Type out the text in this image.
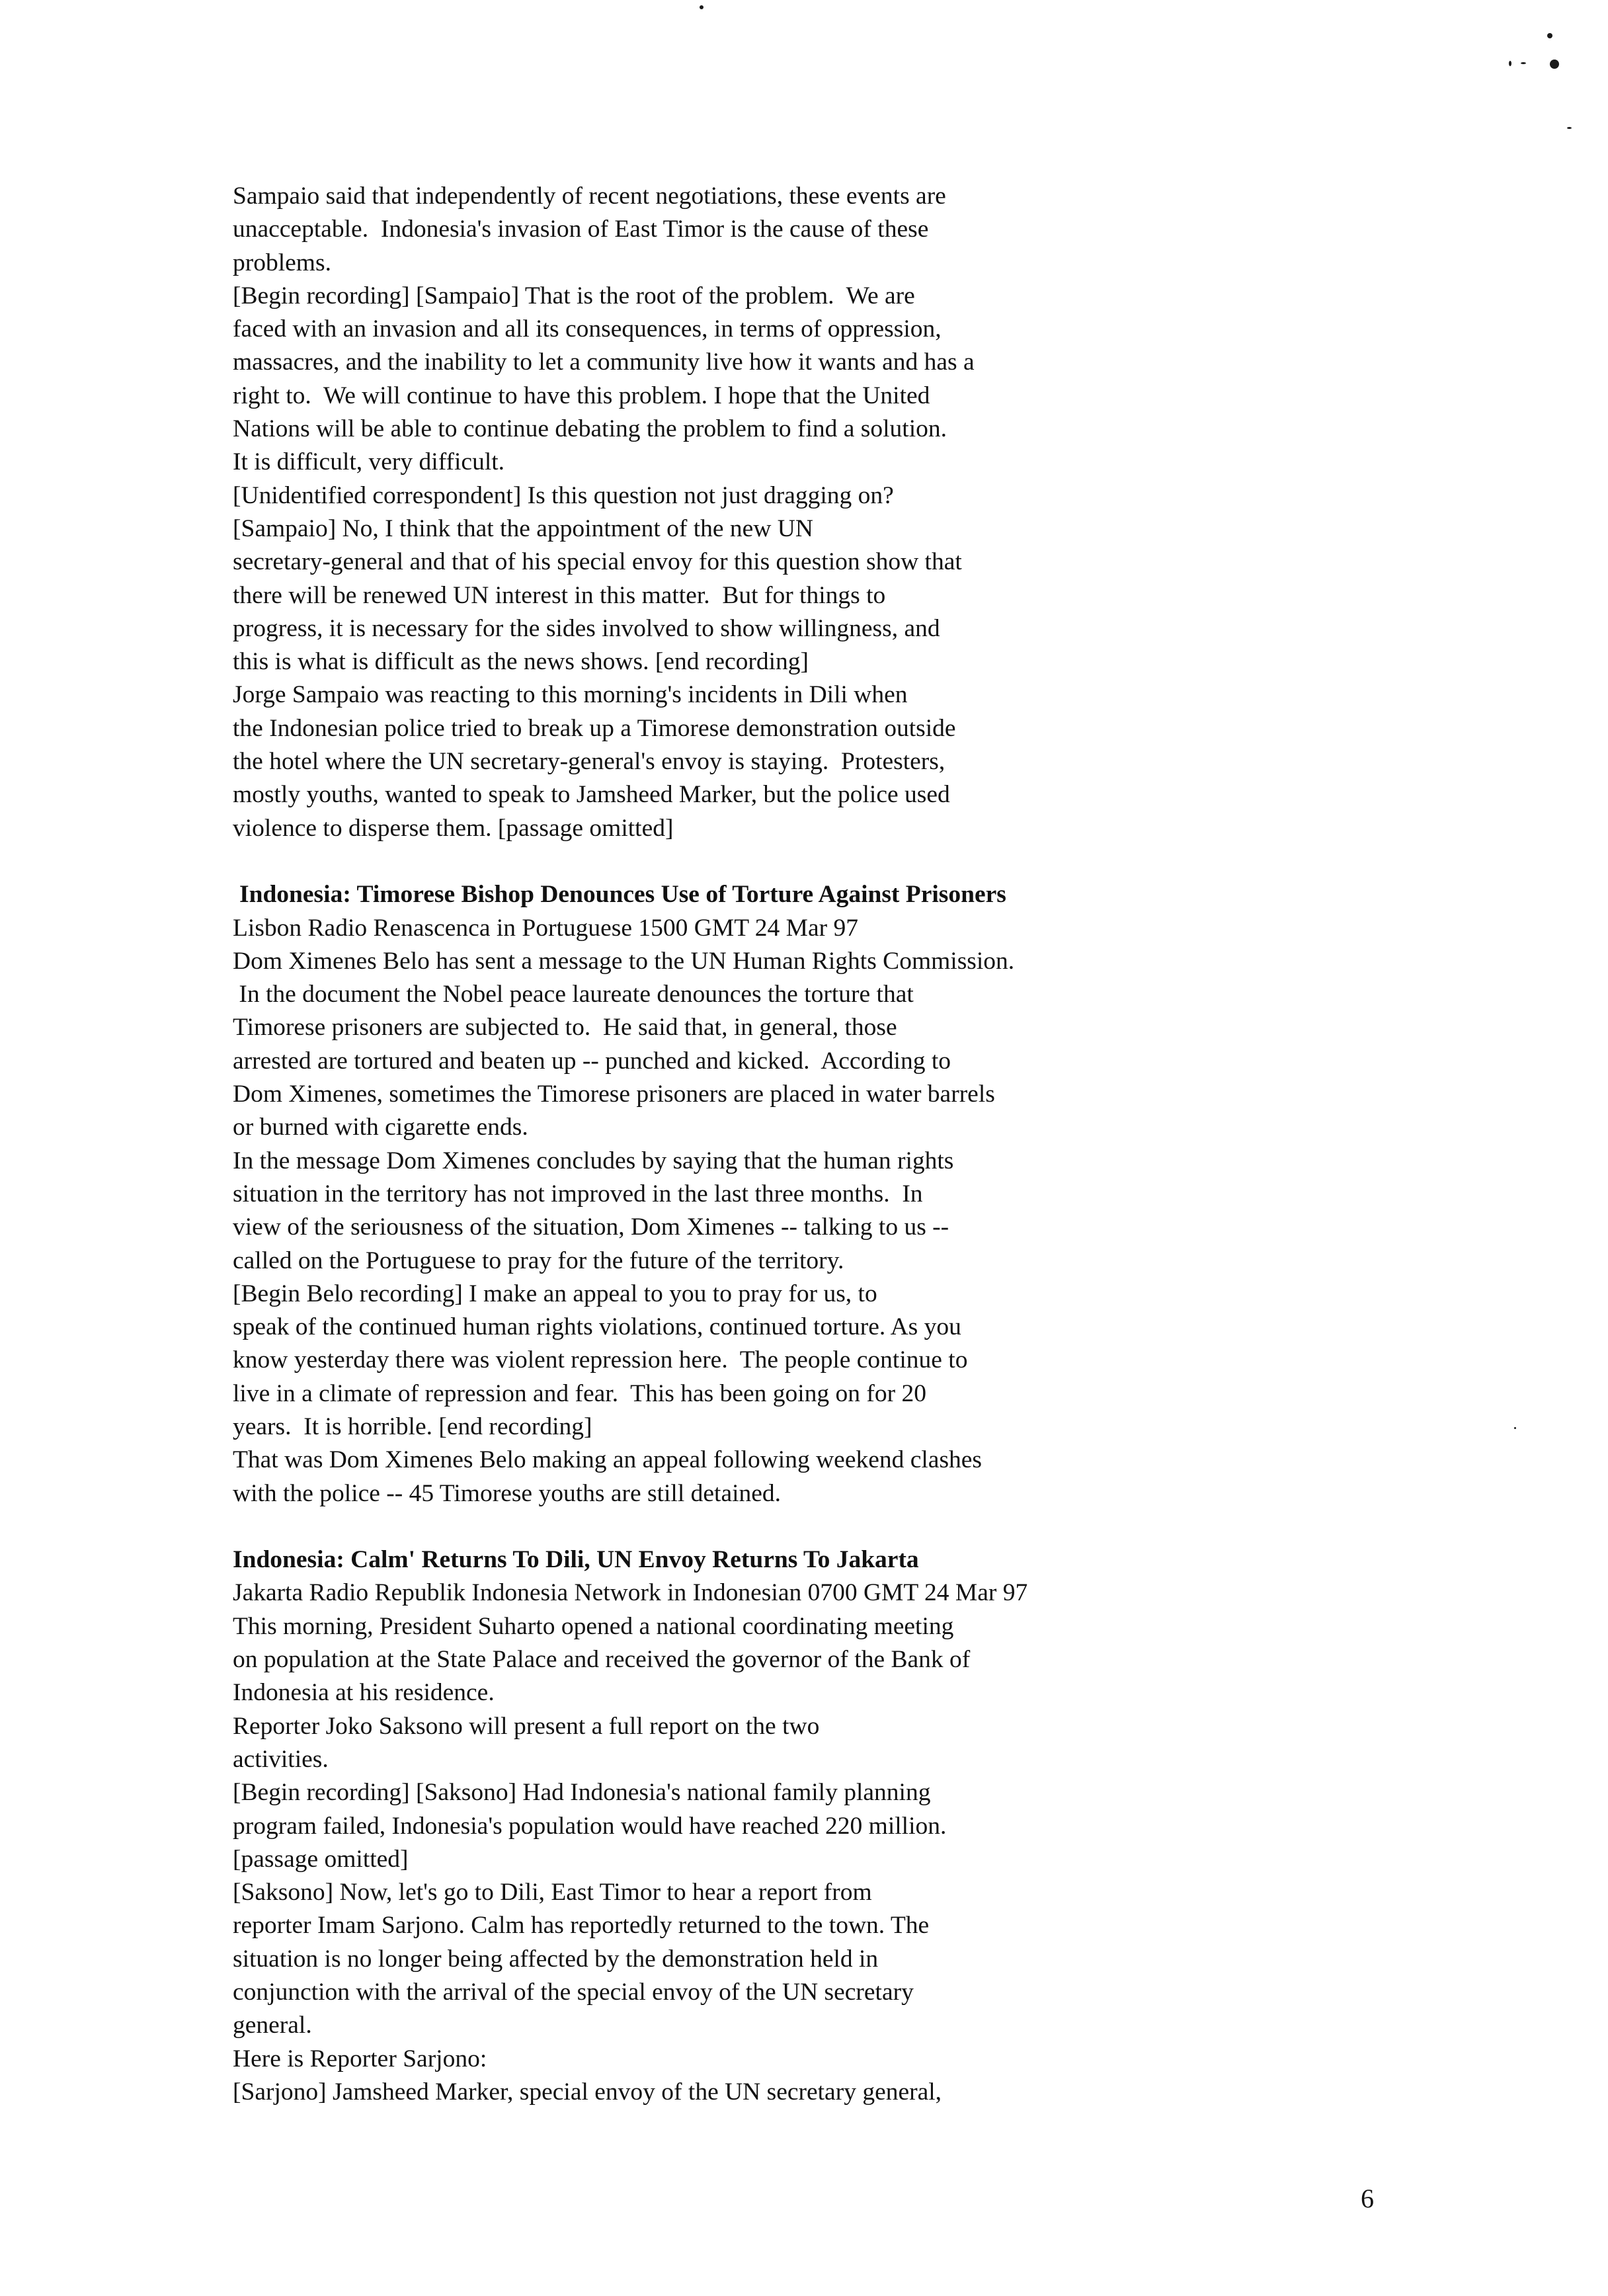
Sampaio said that independently of recent negotiations, these events are
unacceptable.  Indonesia's invasion of East Timor is the cause of these
problems.
[Begin recording] [Sampaio] That is the root of the problem.  We are
faced with an invasion and all its consequences, in terms of oppression,
massacres, and the inability to let a community live how it wants and has a
right to.  We will continue to have this problem. I hope that the United
Nations will be able to continue debating the problem to find a solution.
It is difficult, very difficult.
[Unidentified correspondent] Is this question not just dragging on?
[Sampaio] No, I think that the appointment of the new UN
secretary-general and that of his special envoy for this question show that
there will be renewed UN interest in this matter.  But for things to
progress, it is necessary for the sides involved to show willingness, and
this is what is difficult as the news shows. [end recording]
Jorge Sampaio was reacting to this morning's incidents in Dili when
the Indonesian police tried to break up a Timorese demonstration outside
the hotel where the UN secretary-general's envoy is staying.  Protesters,
mostly youths, wanted to speak to Jamsheed Marker, but the police used
violence to disperse them. [passage omitted]
Indonesia: Timorese Bishop Denounces Use of Torture Against Prisoners
Lisbon Radio Renascenca in Portuguese 1500 GMT 24 Mar 97
Dom Ximenes Belo has sent a message to the UN Human Rights Commission.
In the document the Nobel peace laureate denounces the torture that
Timorese prisoners are subjected to.  He said that, in general, those
arrested are tortured and beaten up -- punched and kicked.  According to
Dom Ximenes, sometimes the Timorese prisoners are placed in water barrels
or burned with cigarette ends.
In the message Dom Ximenes concludes by saying that the human rights
situation in the territory has not improved in the last three months.  In
view of the seriousness of the situation, Dom Ximenes -- talking to us --
called on the Portuguese to pray for the future of the territory.
[Begin Belo recording] I make an appeal to you to pray for us, to
speak of the continued human rights violations, continued torture. As you
know yesterday there was violent repression here.  The people continue to
live in a climate of repression and fear.  This has been going on for 20
years.  It is horrible. [end recording]
That was Dom Ximenes Belo making an appeal following weekend clashes
with the police -- 45 Timorese youths are still detained.
Indonesia: Calm' Returns To Dili, UN Envoy Returns To Jakarta
Jakarta Radio Republik Indonesia Network in Indonesian 0700 GMT 24 Mar 97
This morning, President Suharto opened a national coordinating meeting
on population at the State Palace and received the governor of the Bank of
Indonesia at his residence.
Reporter Joko Saksono will present a full report on the two
activities.
[Begin recording] [Saksono] Had Indonesia's national family planning
program failed, Indonesia's population would have reached 220 million.
[passage omitted]
[Saksono] Now, let's go to Dili, East Timor to hear a report from
reporter Imam Sarjono. Calm has reportedly returned to the town. The
situation is no longer being affected by the demonstration held in
conjunction with the arrival of the special envoy of the UN secretary
general.
Here is Reporter Sarjono:
[Sarjono] Jamsheed Marker, special envoy of the UN secretary general,
6
